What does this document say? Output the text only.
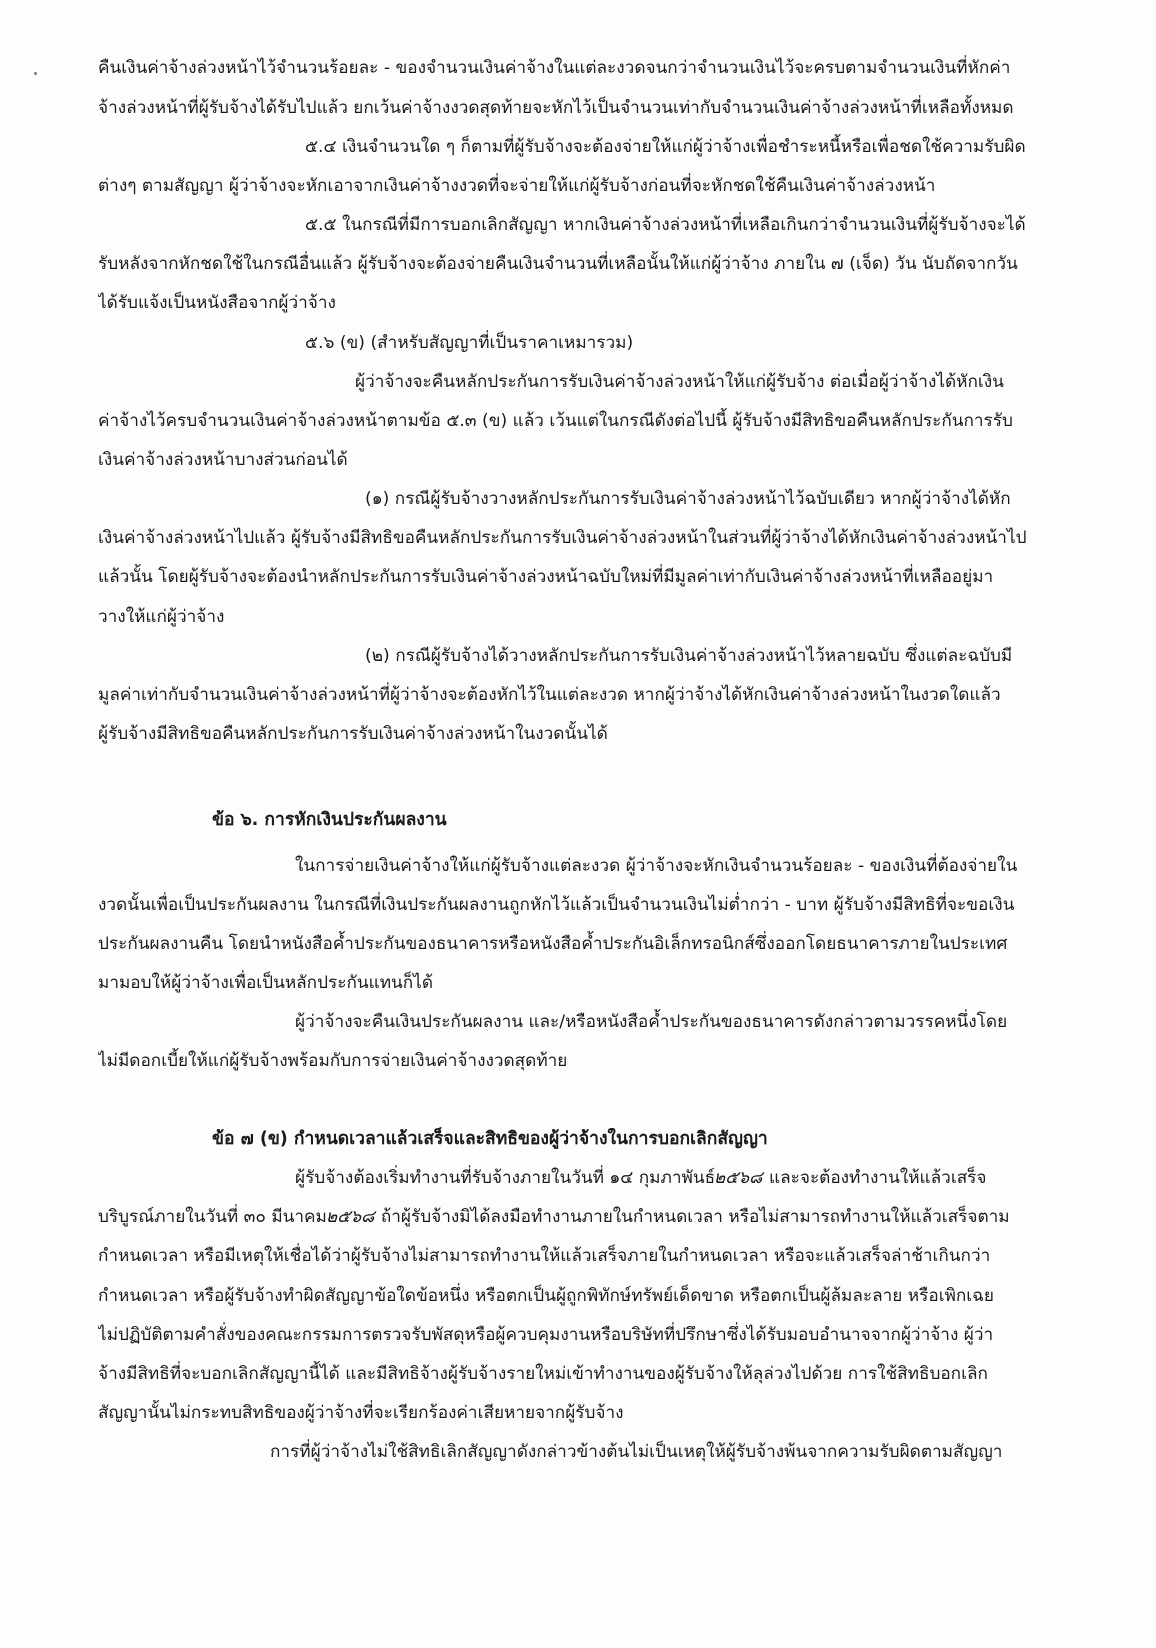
คืนเงินค่าจ้างล่วงหน้าไว้จำนวนร้อยละ - ของจำนวนเงินค่าจ้างในแต่ละงวดจนกว่าจำนวนเงินไว้จะครบตามจำนวนเงินที่หักค่า
จ้างล่วงหน้าที่ผู้รับจ้างได้รับไปแล้ว ยกเว้นค่าจ้างงวดสุดท้ายจะหักไว้เป็นจำนวนเท่ากับจำนวนเงินค่าจ้างล่วงหน้าที่เหลือทั้งหมด
๕.๔ เงินจำนวนใด ๆ ก็ตามที่ผู้รับจ้างจะต้องจ่ายให้แก่ผู้ว่าจ้างเพื่อชำระหนี้หรือเพื่อชดใช้ความรับผิด
ต่างๆ ตามสัญญา ผู้ว่าจ้างจะหักเอาจากเงินค่าจ้างงวดที่จะจ่ายให้แก่ผู้รับจ้างก่อนที่จะหักชดใช้คืนเงินค่าจ้างล่วงหน้า
๕.๕ ในกรณีที่มีการบอกเลิกสัญญา หากเงินค่าจ้างล่วงหน้าที่เหลือเกินกว่าจำนวนเงินที่ผู้รับจ้างจะได้
รับหลังจากหักชดใช้ในกรณีอื่นแล้ว ผู้รับจ้างจะต้องจ่ายคืนเงินจำนวนที่เหลือนั้นให้แก่ผู้ว่าจ้าง ภายใน ๗ (เจ็ด) วัน นับถัดจากวัน
ได้รับแจ้งเป็นหนังสือจากผู้ว่าจ้าง
๕.๖ (ข) (สำหรับสัญญาที่เป็นราคาเหมารวม)
ผู้ว่าจ้างจะคืนหลักประกันการรับเงินค่าจ้างล่วงหน้าให้แก่ผู้รับจ้าง ต่อเมื่อผู้ว่าจ้างได้หักเงิน
ค่าจ้างไว้ครบจำนวนเงินค่าจ้างล่วงหน้าตามข้อ ๕.๓ (ข) แล้ว เว้นแต่ในกรณีดังต่อไปนี้ ผู้รับจ้างมีสิทธิขอคืนหลักประกันการรับ
เงินค่าจ้างล่วงหน้าบางส่วนก่อนได้
(๑) กรณีผู้รับจ้างวางหลักประกันการรับเงินค่าจ้างล่วงหน้าไว้ฉบับเดียว หากผู้ว่าจ้างได้หัก
เงินค่าจ้างล่วงหน้าไปแล้ว ผู้รับจ้างมีสิทธิขอคืนหลักประกันการรับเงินค่าจ้างล่วงหน้าในส่วนที่ผู้ว่าจ้างได้หักเงินค่าจ้างล่วงหน้าไป
แล้วนั้น โดยผู้รับจ้างจะต้องนำหลักประกันการรับเงินค่าจ้างล่วงหน้าฉบับใหม่ที่มีมูลค่าเท่ากับเงินค่าจ้างล่วงหน้าที่เหลืออยู่มา
วางให้แก่ผู้ว่าจ้าง
(๒) กรณีผู้รับจ้างได้วางหลักประกันการรับเงินค่าจ้างล่วงหน้าไว้หลายฉบับ ซึ่งแต่ละฉบับมี
มูลค่าเท่ากับจำนวนเงินค่าจ้างล่วงหน้าที่ผู้ว่าจ้างจะต้องหักไว้ในแต่ละงวด หากผู้ว่าจ้างได้หักเงินค่าจ้างล่วงหน้าในงวดใดแล้ว
ผู้รับจ้างมีสิทธิขอคืนหลักประกันการรับเงินค่าจ้างล่วงหน้าในงวดนั้นได้
ข้อ ๖. การหักเงินประกันผลงาน
ในการจ่ายเงินค่าจ้างให้แก่ผู้รับจ้างแต่ละงวด ผู้ว่าจ้างจะหักเงินจำนวนร้อยละ - ของเงินที่ต้องจ่ายใน
งวดนั้นเพื่อเป็นประกันผลงาน ในกรณีที่เงินประกันผลงานถูกหักไว้แล้วเป็นจำนวนเงินไม่ต่ำกว่า - บาท ผู้รับจ้างมีสิทธิที่จะขอเงิน
ประกันผลงานคืน โดยนำหนังสือค้ำประกันของธนาคารหรือหนังสือค้ำประกันอิเล็กทรอนิกส์ซึ่งออกโดยธนาคารภายในประเทศ
มามอบให้ผู้ว่าจ้างเพื่อเป็นหลักประกันแทนก็ได้
ผู้ว่าจ้างจะคืนเงินประกันผลงาน และ/หรือหนังสือค้ำประกันของธนาคารดังกล่าวตามวรรคหนึ่งโดย
ไม่มีดอกเบี้ยให้แก่ผู้รับจ้างพร้อมกับการจ่ายเงินค่าจ้างงวดสุดท้าย
ข้อ ๗ (ข) กำหนดเวลาแล้วเสร็จและสิทธิของผู้ว่าจ้างในการบอกเลิกสัญญา
ผู้รับจ้างต้องเริ่มทำงานที่รับจ้างภายในวันที่ ๑๔ กุมภาพันธ์๒๕๖๘ และจะต้องทำงานให้แล้วเสร็จ
บริบูรณ์ภายในวันที่ ๓๐ มีนาคม๒๕๖๘ ถ้าผู้รับจ้างมิได้ลงมือทำงานภายในกำหนดเวลา หรือไม่สามารถทำงานให้แล้วเสร็จตาม
กำหนดเวลา หรือมีเหตุให้เชื่อได้ว่าผู้รับจ้างไม่สามารถทำงานให้แล้วเสร็จภายในกำหนดเวลา หรือจะแล้วเสร็จล่าช้าเกินกว่า
กำหนดเวลา หรือผู้รับจ้างทำผิดสัญญาข้อใดข้อหนึ่ง หรือตกเป็นผู้ถูกพิทักษ์ทรัพย์เด็ดขาด หรือตกเป็นผู้ล้มละลาย หรือเพิกเฉย
ไม่ปฏิบัติตามคำสั่งของคณะกรรมการตรวจรับพัสดุหรือผู้ควบคุมงานหรือบริษัทที่ปรึกษาซึ่งได้รับมอบอำนาจจากผู้ว่าจ้าง ผู้ว่า
จ้างมีสิทธิที่จะบอกเลิกสัญญานี้ได้ และมีสิทธิจ้างผู้รับจ้างรายใหม่เข้าทำงานของผู้รับจ้างให้ลุล่วงไปด้วย การใช้สิทธิบอกเลิก
สัญญานั้นไม่กระทบสิทธิของผู้ว่าจ้างที่จะเรียกร้องค่าเสียหายจากผู้รับจ้าง
การที่ผู้ว่าจ้างไม่ใช้สิทธิเลิกสัญญาดังกล่าวข้างต้นไม่เป็นเหตุให้ผู้รับจ้างพ้นจากความรับผิดตามสัญญา
